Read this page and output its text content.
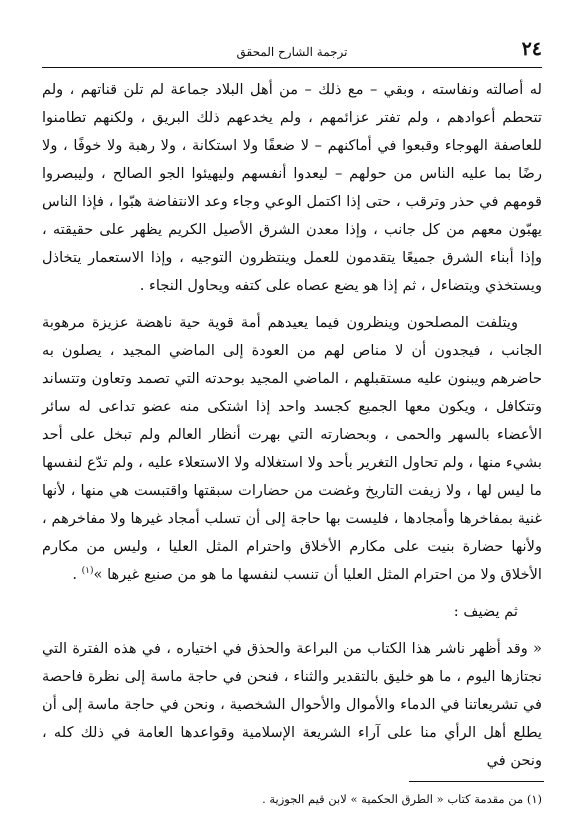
٢٤
ترجمة الشارح المحقق

له أصالته ونفاسته ، وبقي – مع ذلك – من أهل البلاد جماعة لم تلن قناتهم ، ولم تتحطم أعوادهم ، ولم تفتر عزائمهم ، ولم يخدعهم ذلك البريق ، ولكنهم تطامنوا للعاصفة الهوجاء وقبعوا في أماكنهم – لا ضعفًا ولا استكانة ، ولا رهبة ولا خوفًا ، ولا رضًا بما عليه الناس من حولهم – ليعدوا أنفسهم وليهيئوا الجو الصالح ، وليبصروا قومهم في حذر وترقب ، حتى إذا اكتمل الوعي وجاء وعد الانتفاضة هبّوا ، فإذا الناس يهبّون معهم من كل جانب ، وإذا معدن الشرق الأصيل الكريم يظهر على حقيقته ، وإذا أبناء الشرق جميعًا يتقدمون للعمل وينتظرون التوجيه ، وإذا الاستعمار يتخاذل ويستخذي ويتضاءل ، ثم إذا هو يضع عصاه على كتفه ويحاول النجاء .

ويتلفت المصلحون وينظرون فيما يعيدهم أمة قوية حية ناهضة عزيزة مرهوبة الجانب ، فيجدون أن لا مناص لهم من العودة إلى الماضي المجيد ، يصلون به حاضرهم ويبنون عليه مستقبلهم ، الماضي المجيد بوحدته التي تصمد وتعاون وتتساند وتتكافل ، ويكون معها الجميع كجسد واحد إذا اشتكى منه عضو تداعى له سائر الأعضاء بالسهر والحمى ، وبحضارته التي بهرت أنظار العالم ولم تبخل على أحد بشيء منها ، ولم تحاول التغرير بأحد ولا استغلاله ولا الاستعلاء عليه ، ولم تدّع لنفسها ما ليس لها ، ولا زيفت التاريخ وغضت من حضارات سبقتها واقتبست هي منها ، لأنها غنية بمفاخرها وأمجادها ، فليست بها حاجة إلى أن تسلب أمجاد غيرها ولا مفاخرهم ، ولأنها حضارة بنيت على مكارم الأخلاق واحترام المثل العليا ، وليس من مكارم الأخلاق ولا من احترام المثل العليا أن تنسب لنفسها ما هو من صنيع غيرها »$^{(١)}$ .

ثم يضيف :

« وقد أظهر ناشر هذا الكتاب من البراعة والحذق في اختياره ، في هذه الفترة التي نجتازها اليوم ، ما هو خليق بالتقدير والثناء ، فنحن في حاجة ماسة إلى نظرة فاحصة في تشريعاتنا في الدماء والأموال والأحوال الشخصية ، ونحن في حاجة ماسة إلى أن يطلع أهل الرأي منا على آراء الشريعة الإسلامية وقواعدها العامة في ذلك كله ، ونحن في

(١) من مقدمة كتاب « الطرق الحكمية » لابن قيم الجوزية .
